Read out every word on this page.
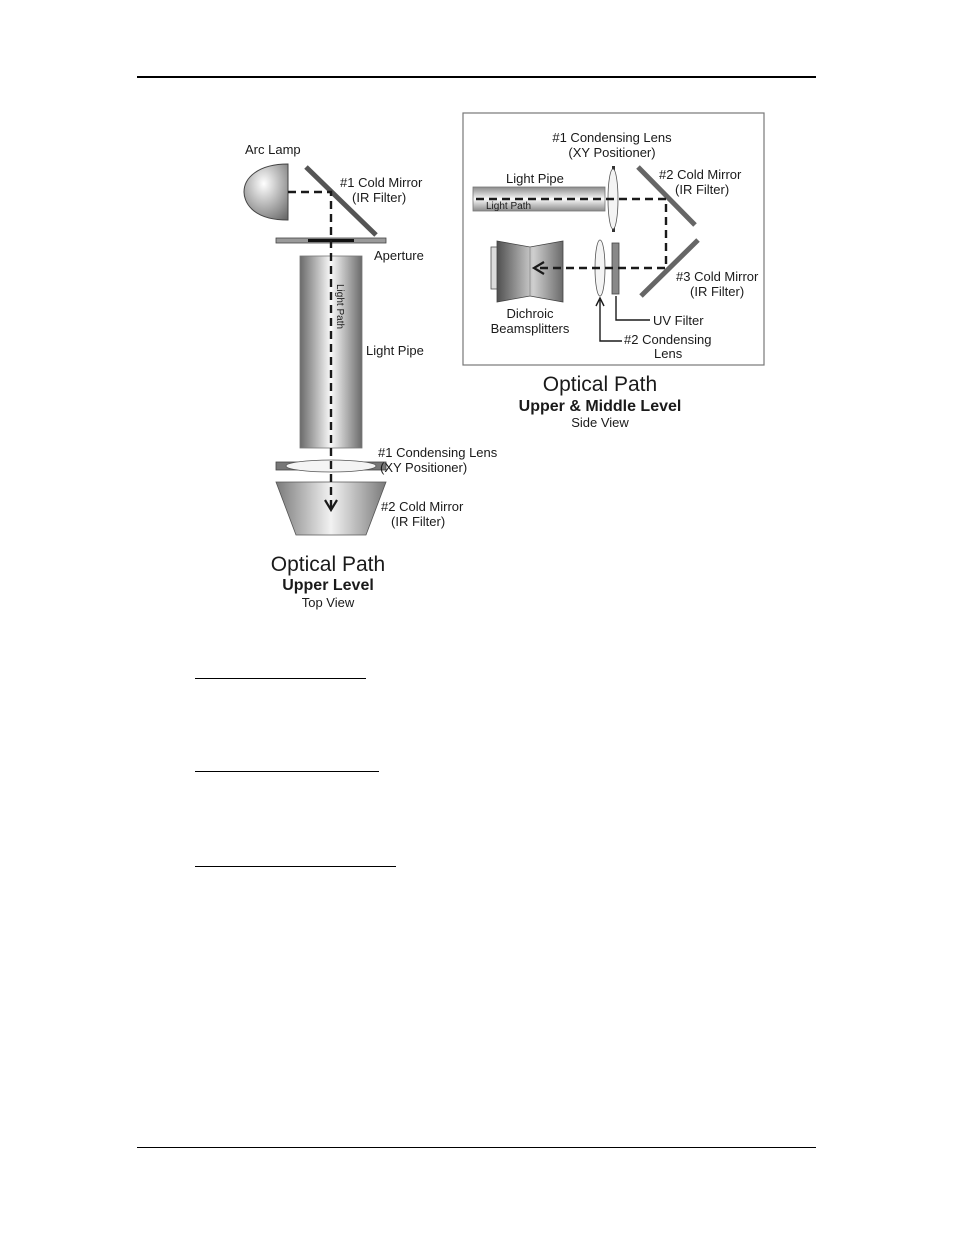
Arc Lamp
#1 Cold Mirror
(IR Filter)
Aperture
Light Path
Light Pipe
#1 Condensing Lens
(XY Positioner)
#2 Cold Mirror
(IR Filter)
Optical Path
Upper Level
Top View
#1 Condensing Lens
(XY Positioner)
Light Pipe
Light Path
#2 Cold Mirror
(IR Filter)
#3 Cold Mirror
(IR Filter)
Dichroic
Beamsplitters
UV Filter
#2 Condensing
Lens
Optical Path
Upper & Middle Level
Side View
